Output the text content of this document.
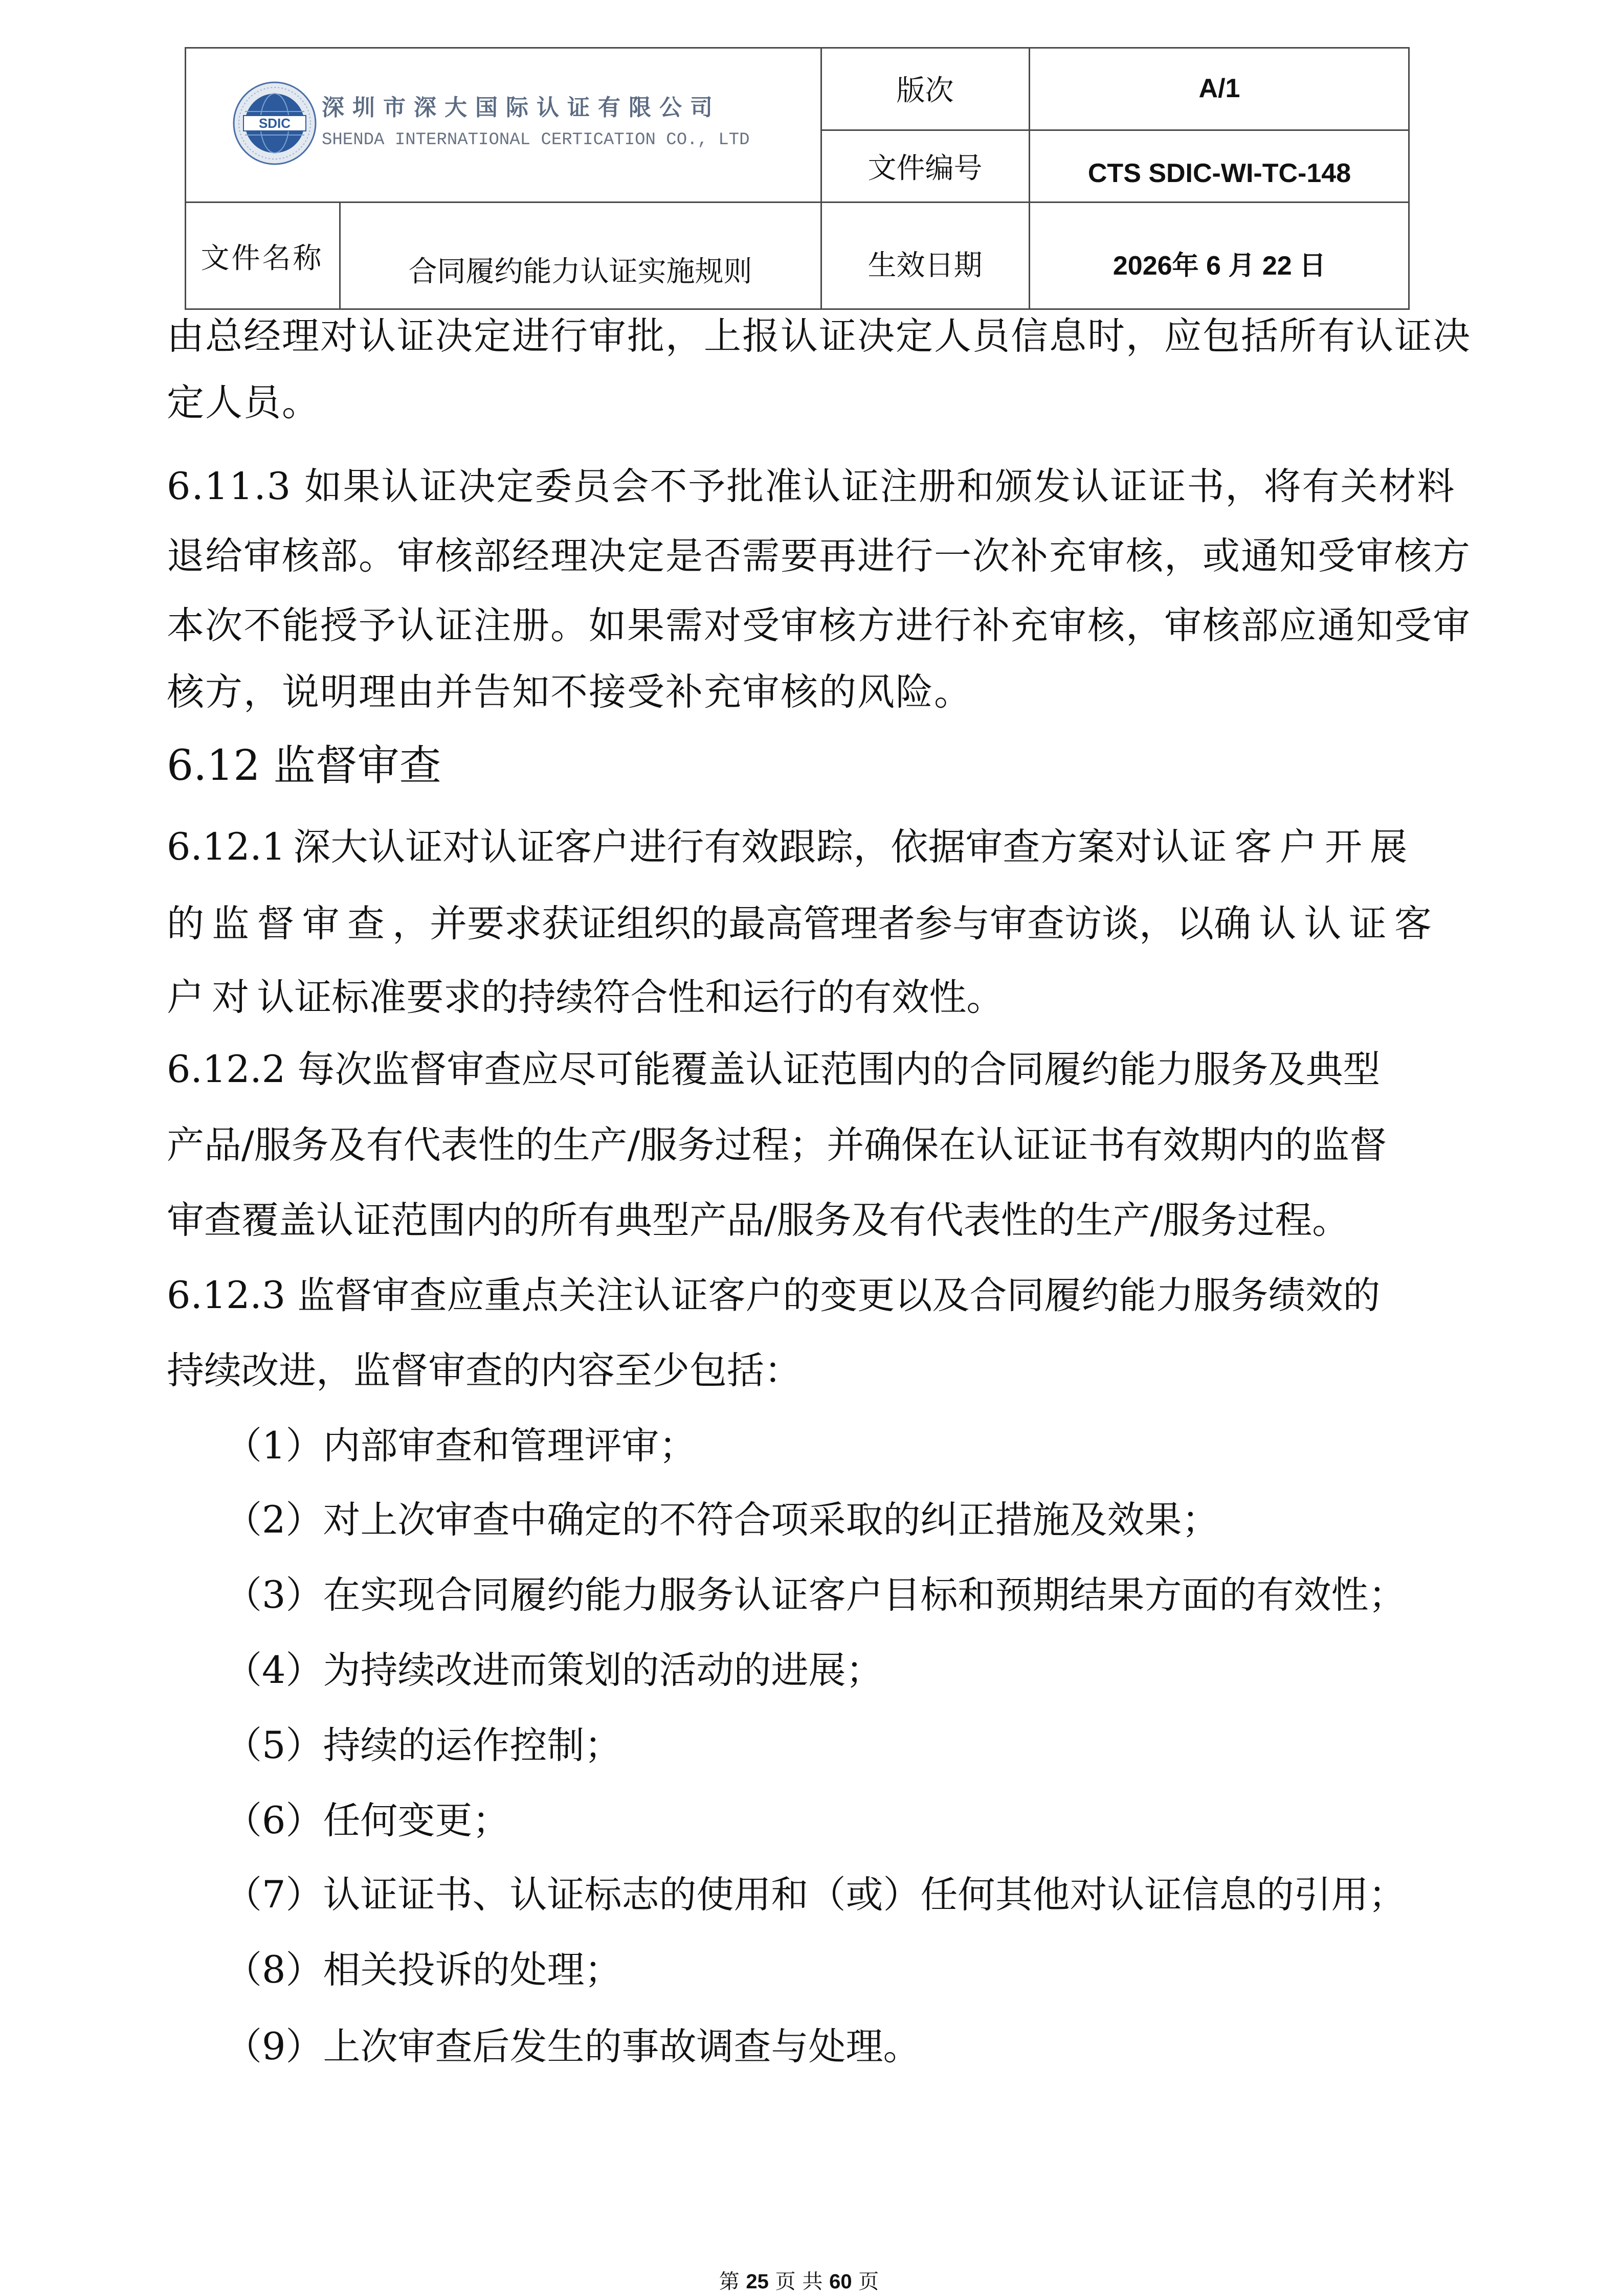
SDIC
深圳市深大国际认证有限公司
SHENDA INTERNATIONAL CERTICATION CO., LTD
版次	A/1
文件编号	CTS SDIC-WI-TC-148
文件名称	合同履约能力认证实施规则	生效日期	2026年 6 月 22 日
由总经理对认证决定进行审批，上报认证决定人员信息时，应包括所有认证决
定人员。
6.11.3 如果认证决定委员会不予批准认证注册和颁发认证证书，将有关材料
退给审核部。审核部经理决定是否需要再进行一次补充审核，或通知受审核方
本次不能授予认证注册。如果需对受审核方进行补充审核，审核部应通知受审
核方，说明理由并告知不接受补充审核的风险。
6.12 监督审查
6.12.1 深大认证对认证客户进行有效跟踪，依据审查方案对认证 客 户 开 展
的 监 督 审 查 ，并要求获证组织的最高管理者参与审查访谈，以确 认 认 证 客
户 对 认证标准要求的持续符合性和运行的有效性。
6.12.2 每次监督审查应尽可能覆盖认证范围内的合同履约能力服务及典型
产品/服务及有代表性的生产/服务过程；并确保在认证证书有效期内的监督
审查覆盖认证范围内的所有典型产品/服务及有代表性的生产/服务过程。
6.12.3 监督审查应重点关注认证客户的变更以及合同履约能力服务绩效的
持续改进，监督审查的内容至少包括：
（1）内部审查和管理评审；
（2）对上次审查中确定的不符合项采取的纠正措施及效果；
（3）在实现合同履约能力服务认证客户目标和预期结果方面的有效性；
（4）为持续改进而策划的活动的进展；
（5）持续的运作控制；
（6）任何变更；
（7）认证证书、认证标志的使用和（或）任何其他对认证信息的引用；
（8）相关投诉的处理；
（9）上次审查后发生的事故调查与处理。
第 25 页 共 60 页
